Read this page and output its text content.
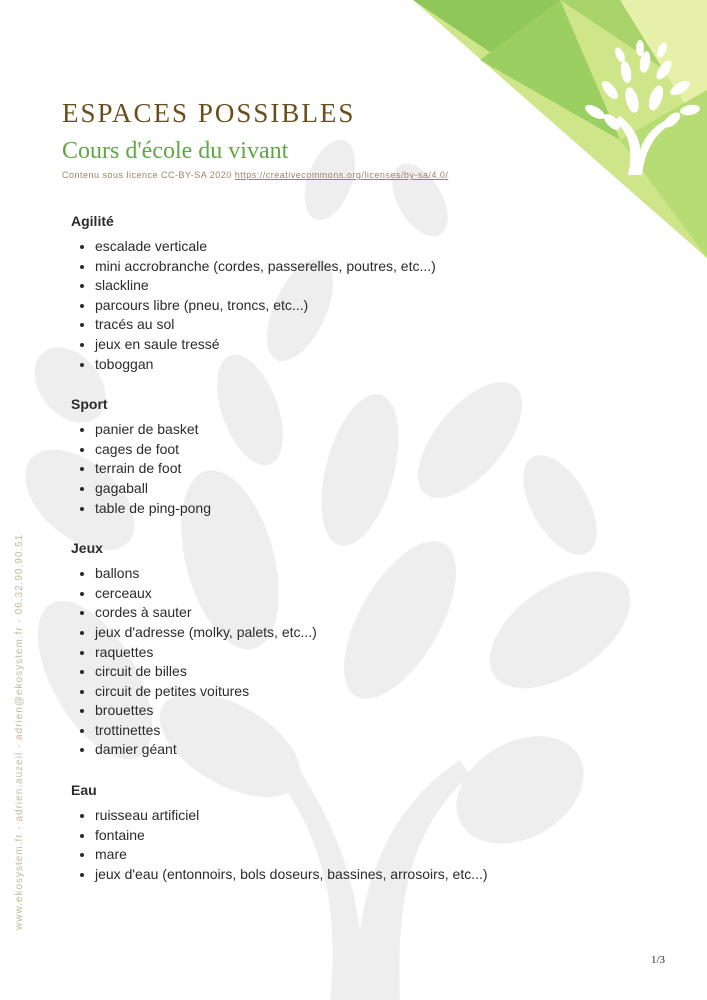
ESPACES POSSIBLES
Cours d'école du vivant
Contenu sous licence CC-BY-SA 2020 https://creativecommons.org/licenses/by-sa/4.0/
Agilité
• escalade verticale
• mini accrobranche (cordes, passerelles, poutres, etc...)
• slackline
• parcours libre (pneu, troncs, etc...)
• tracés au sol
• jeux en saule tressé
• toboggan
Sport
• panier de basket
• cages de foot
• terrain de foot
• gagaball
• table de ping-pong
Jeux
• ballons
• cerceaux
• cordes à sauter
• jeux d'adresse (molky, palets, etc...)
• raquettes
• circuit de billes
• circuit de petites voitures
• brouettes
• trottinettes
• damier géant
Eau
• ruisseau artificiel
• fontaine
• mare
• jeux d'eau (entonnoirs, bols doseurs, bassines, arrosoirs, etc...)
www.ekosystem.fr - adrien.auzeil - adrien@ekosystem.fr - 06.32.90.90.51
1/3
